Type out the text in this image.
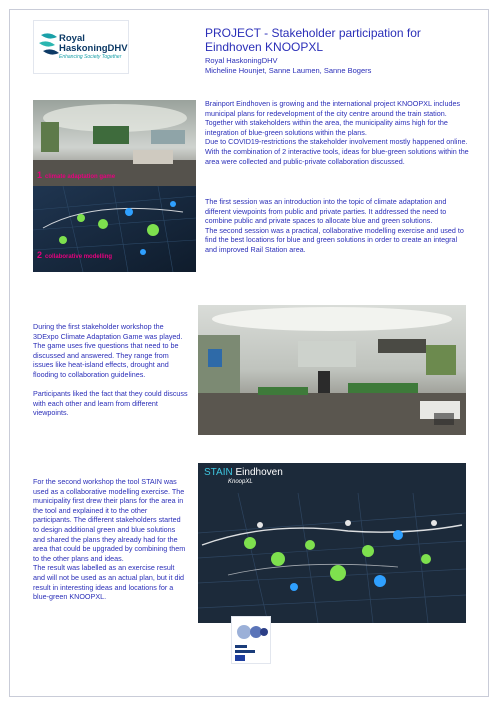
Royal
HaskoningDHV
Enhancing Society Together
PROJECT - Stakeholder participation for Eindhoven KNOOPXL
Royal HaskoningDHV
Micheline Hounjet, Sanne Laumen, Sanne Bogers
1 climate adaptation game
2 collaborative modelling
Brainport Eindhoven is growing and the international project KNOOPXL includes municipal plans for redevelopment of the city centre around the train station. Together with stakeholders within the area, the municipality aims high for the integration of blue-green solutions within the plans.
Due to COVID19-restrictions the stakeholder involvement mostly happened online. With the combination of 2 interactive tools, ideas for blue-green solutions within the area were collected and public-private collaboration discussed.
The first session was an introduction into the topic of climate adaptation and different viewpoints from public and private parties. It addressed the need to combine public and private spaces to allocate blue and green solutions.
The second session was a practical, collaborative modelling exercise and used to find the best locations for blue and green solutions in order to create an integral and improved Rail Station area.
During the first stakeholder workshop the 3DExpo Climate Adaptation Game was played.
The game uses five questions that need to be discussed and answered. They range from issues like heat-island effects, drought and flooding to collaboration guidelines.

Participants liked the fact that they could discuss with each other and learn from different viewpoints.
For the second workshop the tool STAIN was used as a collaborative modelling exercise. The municipality first drew their plans for the area in the tool and explained it to the other participants. The different stakeholders started to design additional green and blue solutions and shared the plans they already had for the area that could be upgraded by combining them to the other plans and ideas.
The result was labelled as an exercise result and will not be used as an actual plan, but it did result in interesting ideas and locations for a blue-green KNOOPXL.
STAIN Eindhoven
KnoopXL
